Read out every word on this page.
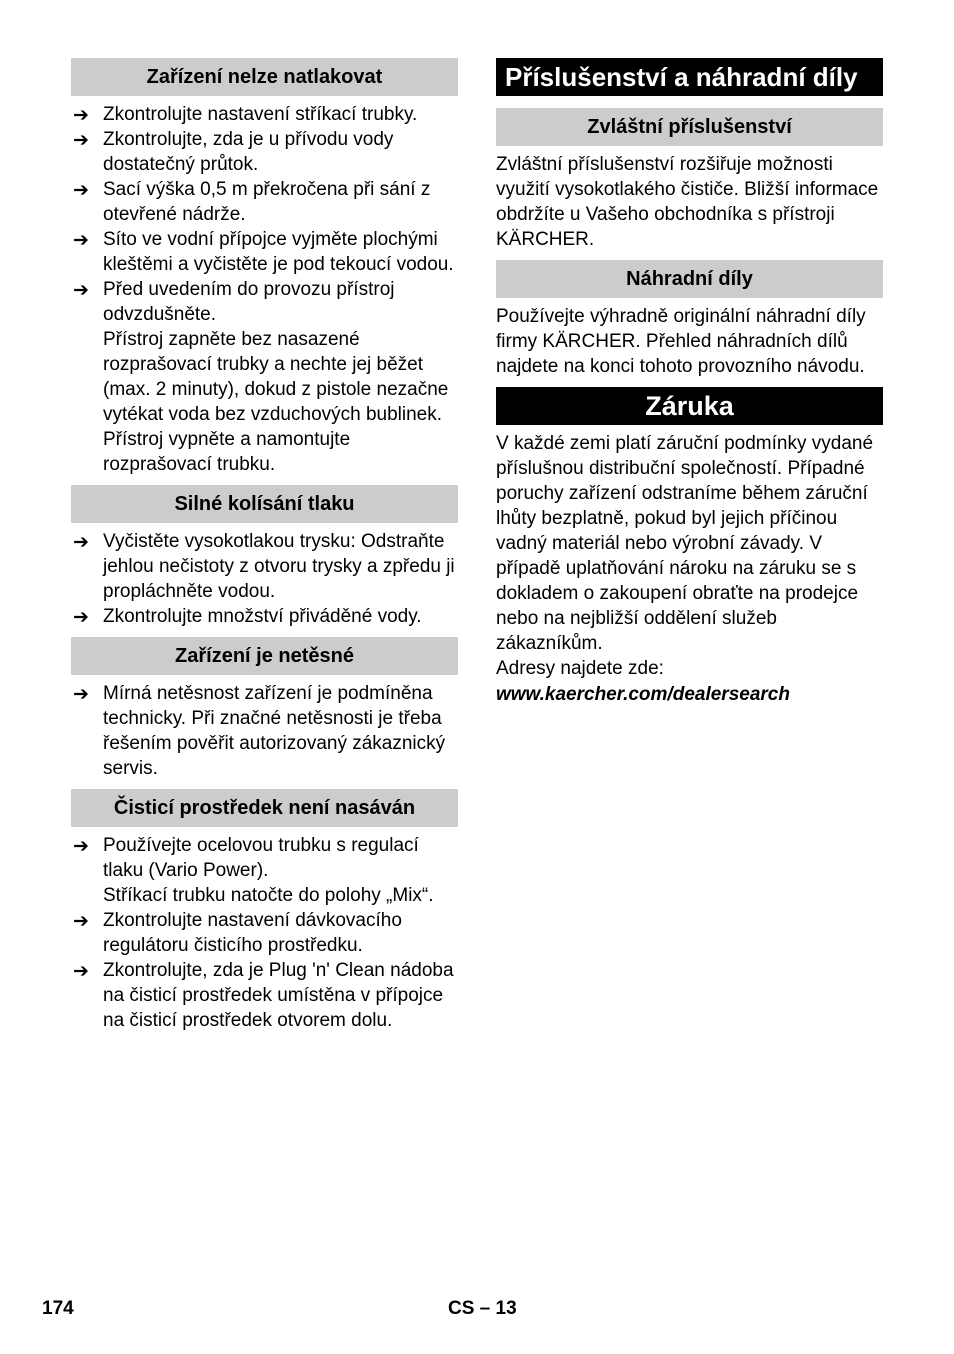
Zařízení nelze natlakovat
➔ Zkontrolujte nastavení stříkací trubky.
➔ Zkontrolujte, zda je u přívodu vody dostatečný průtok.
➔ Sací výška 0,5 m překročena při sání z otevřené nádrže.
➔ Síto ve vodní přípojce vyjměte plochými kleštěmi a vyčistěte je pod tekoucí vodou.
➔ Před uvedením do provozu přístroj odvzdušněte.
Přístroj zapněte bez nasazené rozprašovací trubky a nechte jej běžet (max. 2 minuty), dokud z pistole nezačne vytékat voda bez vzduchových bublinek. Přístroj vypněte a namontujte rozprašovací trubku.
Silné kolísání tlaku
➔ Vyčistěte vysokotlakou trysku: Odstraňte jehlou nečistoty z otvoru trysky a zpředu ji propláchněte vodou.
➔ Zkontrolujte množství přiváděné vody.
Zařízení je netěsné
➔ Mírná netěsnost zařízení je podmíněna technicky. Při značné netěsnosti je třeba řešením pověřit autorizovaný zákaznický servis.
Čisticí prostředek není nasáván
➔ Používejte ocelovou trubku s regulací tlaku (Vario Power).
Stříkací trubku natočte do polohy „Mix“.
➔ Zkontrolujte nastavení dávkovacího regulátoru čisticího prostředku.
➔ Zkontrolujte, zda je Plug 'n' Clean nádoba na čisticí prostředek umístěna v přípojce na čisticí prostředek otvorem dolu.
Příslušenství a náhradní díly
Zvláštní příslušenství

Zvláštní příslušenství rozšiřuje možnosti využití vysokotlakého čističe. Bližší informace obdržíte u Vašeho obchodníka s přístroji KÄRCHER.

Náhradní díly

Používejte výhradně originální náhradní díly firmy KÄRCHER. Přehled náhradních dílů najdete na konci tohoto provozního návodu.

Záruka

V každé zemi platí záruční podmínky vydané příslušnou distribuční společností. Případné poruchy zařízení odstraníme během záruční lhůty bezplatně, pokud byl jejich příčinou vadný materiál nebo výrobní závady. V případě uplatňování nároku na záruku se s dokladem o zakoupení obraťte na prodejce nebo na nejbližší oddělení služeb zákazníkům.

Adresy najdete zde:

www.kaercher.com/dealersearch
174	CS – 13
